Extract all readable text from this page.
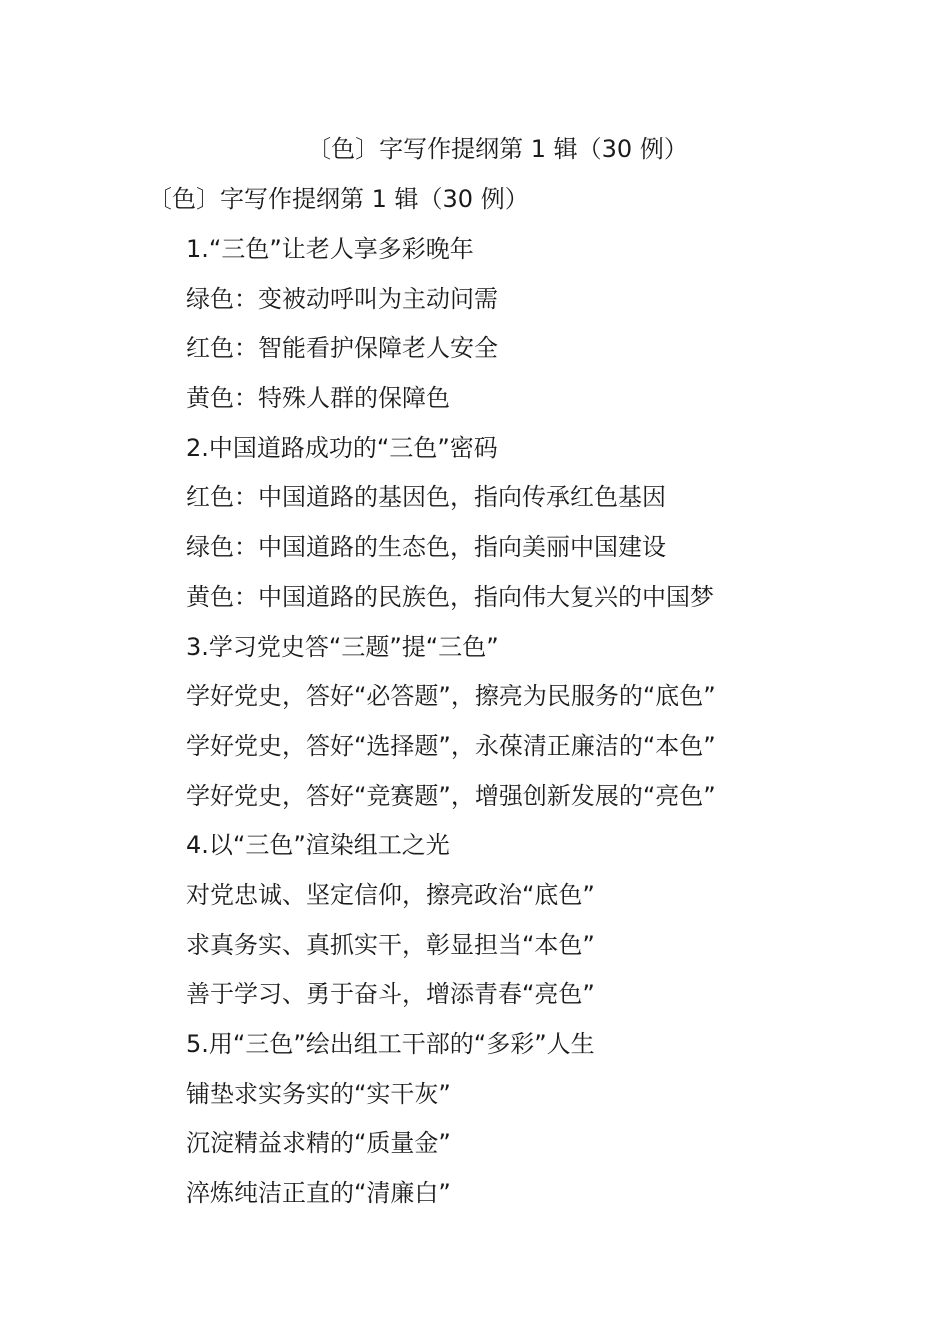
〔色〕字写作提纲第 1 辑（30 例）
〔色〕字写作提纲第 1 辑（30 例）
1.“三色”让老人享多彩晚年
绿色：变被动呼叫为主动问需
红色：智能看护保障老人安全
黄色：特殊人群的保障色
2.中国道路成功的“三色”密码
红色：中国道路的基因色，指向传承红色基因
绿色：中国道路的生态色，指向美丽中国建设
黄色：中国道路的民族色，指向伟大复兴的中国梦
3.学习党史答“三题”提“三色”
学好党史，答好“必答题”，擦亮为民服务的“底色”
学好党史，答好“选择题”，永葆清正廉洁的“本色”
学好党史，答好“竞赛题”，增强创新发展的“亮色”
4.以“三色”渲染组工之光
对党忠诚、坚定信仰，擦亮政治“底色”
求真务实、真抓实干，彰显担当“本色”
善于学习、勇于奋斗，增添青春“亮色”
5.用“三色”绘出组工干部的“多彩”人生
铺垫求实务实的“实干灰”
沉淀精益求精的“质量金”
淬炼纯洁正直的“清廉白”
